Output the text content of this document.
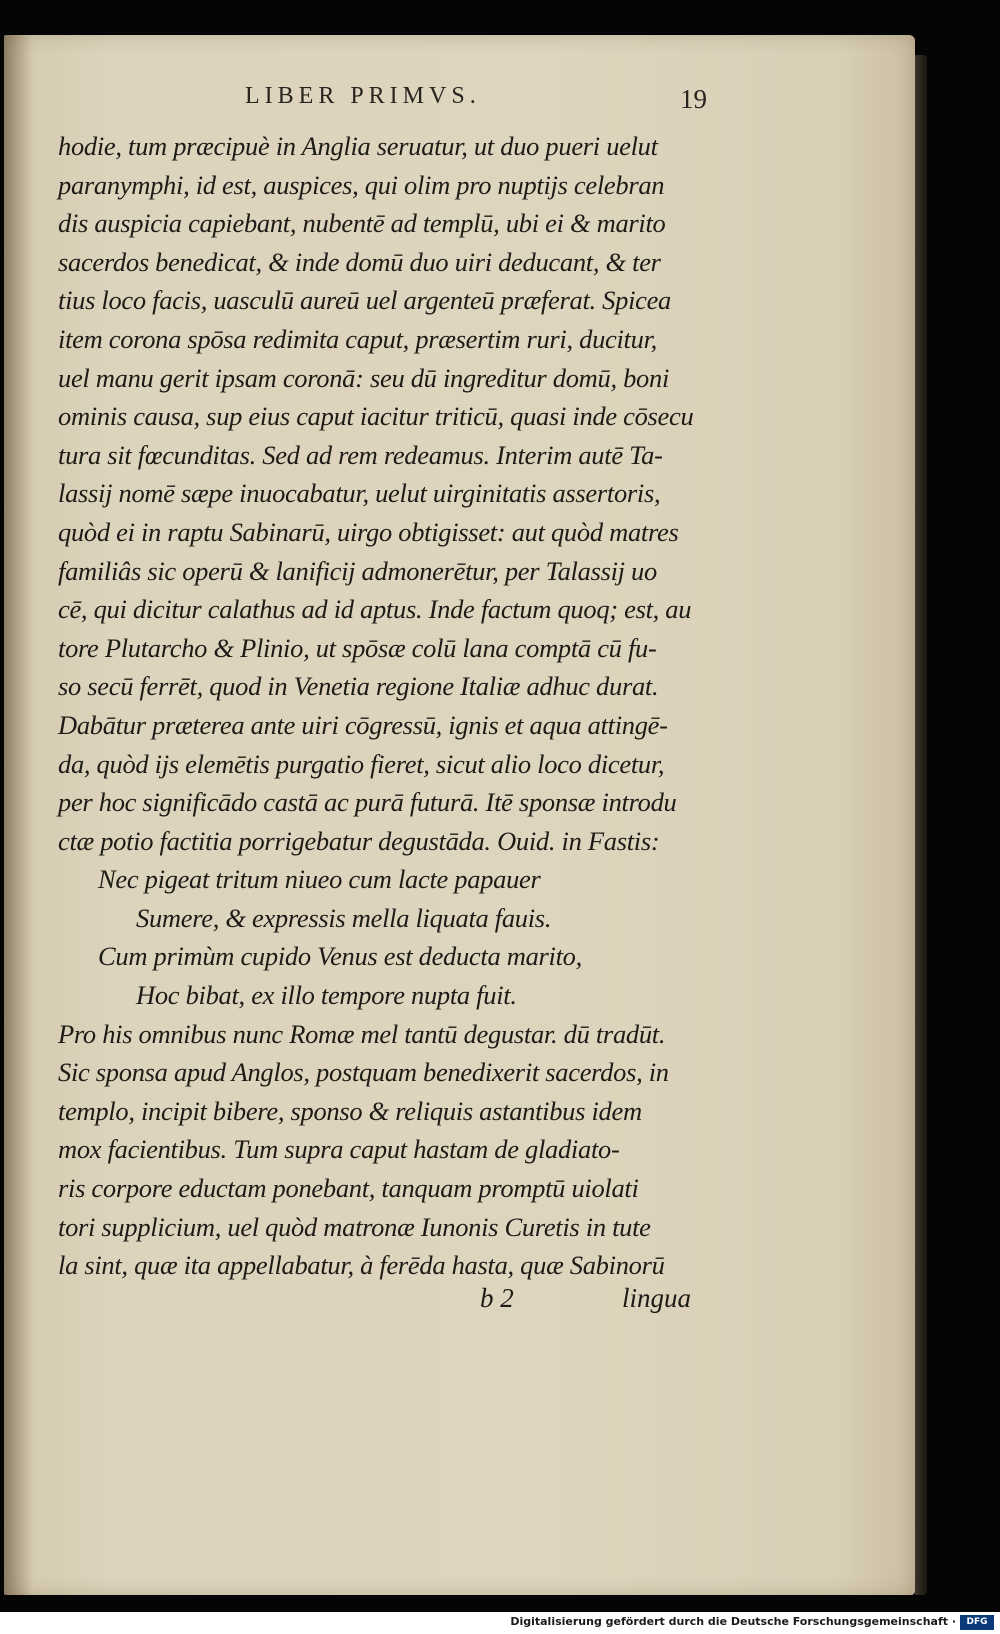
LIBER PRIMVS.	19
hodie, tum præcipuè in Anglia seruatur, ut duo pueri uelut
paranymphi, id est, auspices, qui olim pro nuptijs celebran
dis auspicia capiebant, nubentē ad templū, ubi ei & marito
sacerdos benedicat, & inde domū duo uiri deducant, & ter
tius loco facis, uasculū aureū uel argenteū præferat. Spicea
item corona spōsa redimita caput, præsertim ruri, ducitur,
uel manu gerit ipsam coronā: seu dū ingreditur domū, boni
ominis causa, sup eius caput iacitur triticū, quasi inde cōsecu
tura sit fœcunditas. Sed ad rem redeamus. Interim autē Ta-
lassij nomē sæpe inuocabatur, uelut uirginitatis assertoris,
quòd ei in raptu Sabinarū, uirgo obtigisset: aut quòd matres
familiâs sic operū & lanificij admonerētur, per Talassij uo
cē, qui dicitur calathus ad id aptus. Inde factum quoq; est, au
tore Plutarcho & Plinio, ut spōsæ colū lana comptā cū fu-
so secū ferrēt, quod in Venetia regione Italiæ adhuc durat.
Dabātur præterea ante uiri cōgressū, ignis et aqua attingē-
da, quòd ijs elemētis purgatio fieret, sicut alio loco dicetur,
per hoc significādo castā ac purā futurā. Itē sponsæ introdu
ctæ potio factitia porrigebatur degustāda. Ouid. in Fastis:
Nec pigeat tritum niueo cum lacte papauer
Sumere, & expressis mella liquata fauis.
Cum primùm cupido Venus est deducta marito,
Hoc bibat, ex illo tempore nupta fuit.
Pro his omnibus nunc Romæ mel tantū degustar. dū tradūt.
Sic sponsa apud Anglos, postquam benedixerit sacerdos, in
templo, incipit bibere, sponso & reliquis astantibus idem
mox facientibus. Tum supra caput hastam de gladiato-
ris corpore eductam ponebant, tanquam promptū uiolati
tori supplicium, uel quòd matronæ Iunonis Curetis in tute
la sint, quæ ita appellabatur, à ferēda hasta, quæ Sabinorū
b 2	lingua
Digitalisierung gefördert durch die Deutsche Forschungsgemeinschaft ·	DFG
